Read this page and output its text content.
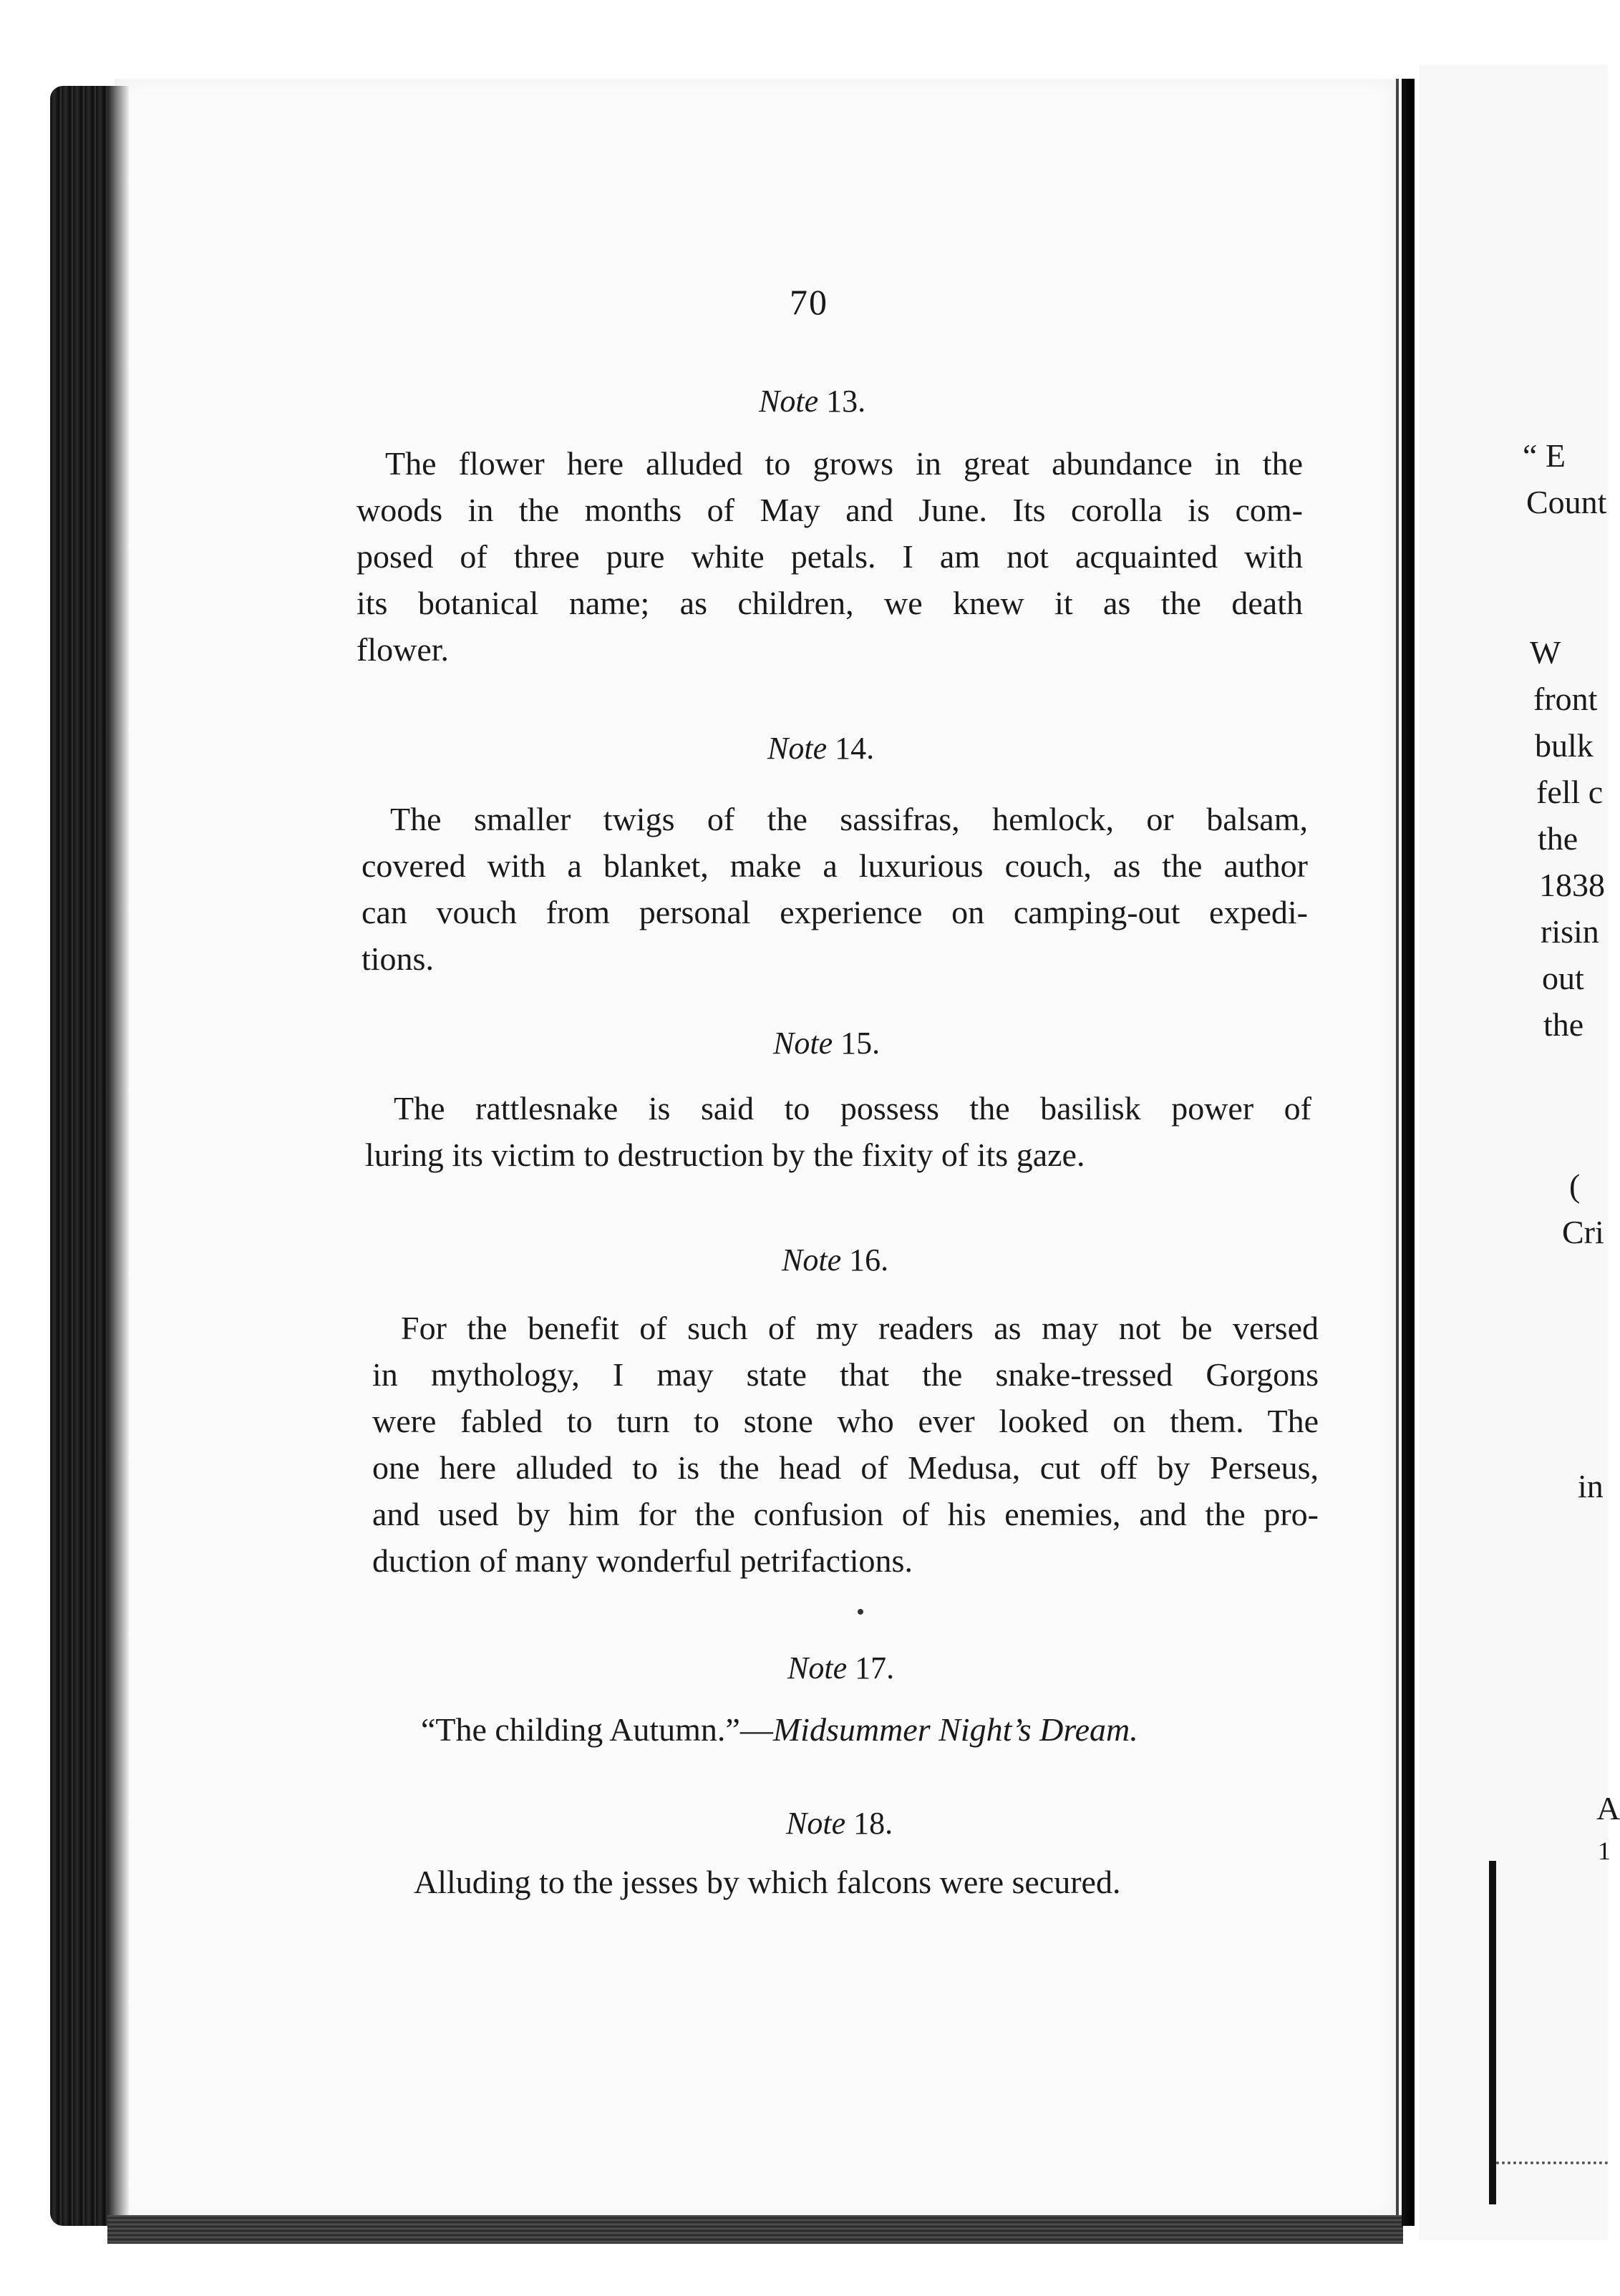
“ E
Count
W
front
bulk
fell c
the
1838
risin
out
the
(
Cri
in
A
1
70
Note 13.
The flower here alluded to grows in great abundance in the
woods in the months of May and June. Its corolla is com-
posed of three pure white petals. I am not acquainted with
its botanical name; as children, we knew it as the death
flower.
Note 14.
The smaller twigs of the sassifras, hemlock, or balsam,
covered with a blanket, make a luxurious couch, as the author
can vouch from personal experience on camping-out expedi-
tions.
Note 15.
The rattlesnake is said to possess the basilisk power of
luring its victim to destruction by the fixity of its gaze.
Note 16.
For the benefit of such of my readers as may not be versed
in mythology, I may state that the snake-tressed Gorgons
were fabled to turn to stone who ever looked on them. The
one here alluded to is the head of Medusa, cut off by Perseus,
and used by him for the confusion of his enemies, and the pro-
duction of many wonderful petrifactions.
Note 17.
“The childing Autumn.”—Midsummer Night’s Dream.
Note 18.
Alluding to the jesses by which falcons were secured.
